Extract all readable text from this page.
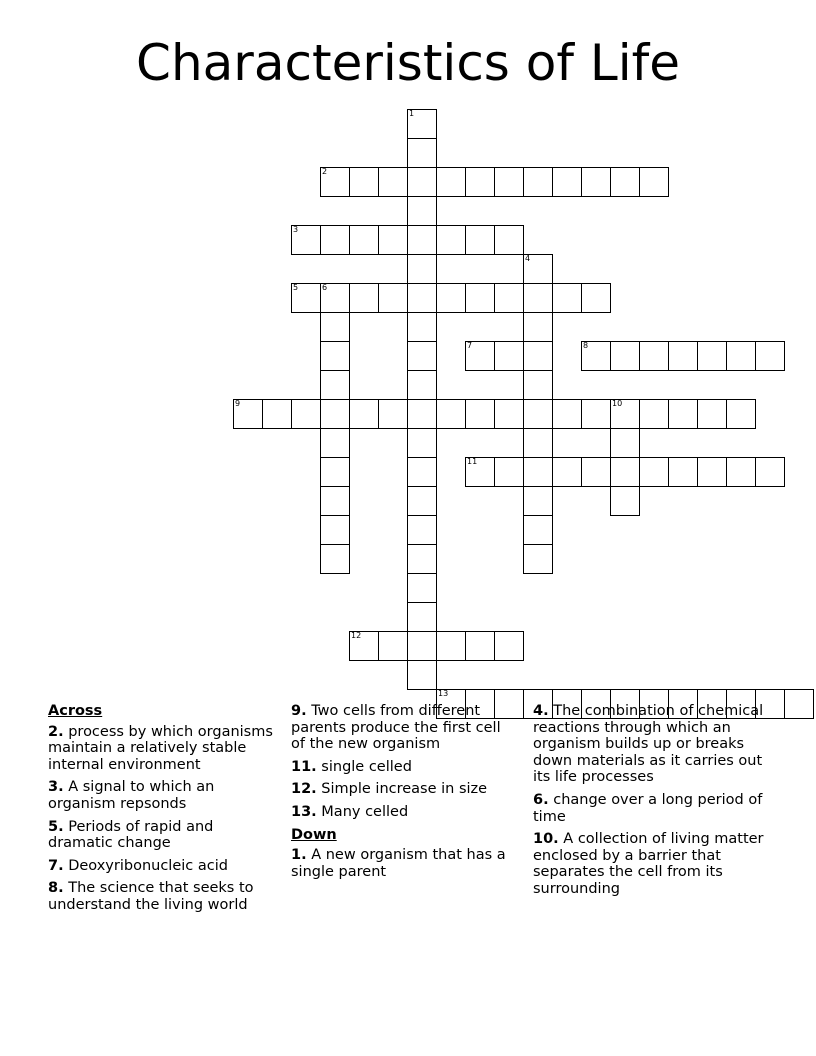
Characteristics of Life
1
2
3
4
5	6
7	8
9	10
11
12
13
Across
2. process by which organisms maintain a relatively stable internal environment
3. A signal to which an organism repsonds
5. Periods of rapid and dramatic change
7. Deoxyribonucleic acid
8. The science that seeks to understand the living world
9. Two cells from different parents produce the first cell of the new organism
11. single celled
12. Simple increase in size
13. Many celled
Down
1. A new organism that has a single parent
4. The combination of chemical reactions through which an organism builds up or breaks down materials as it carries out its life processes
6. change over a long period of time
10. A collection of living matter enclosed by a barrier that separates the cell from its surrounding
